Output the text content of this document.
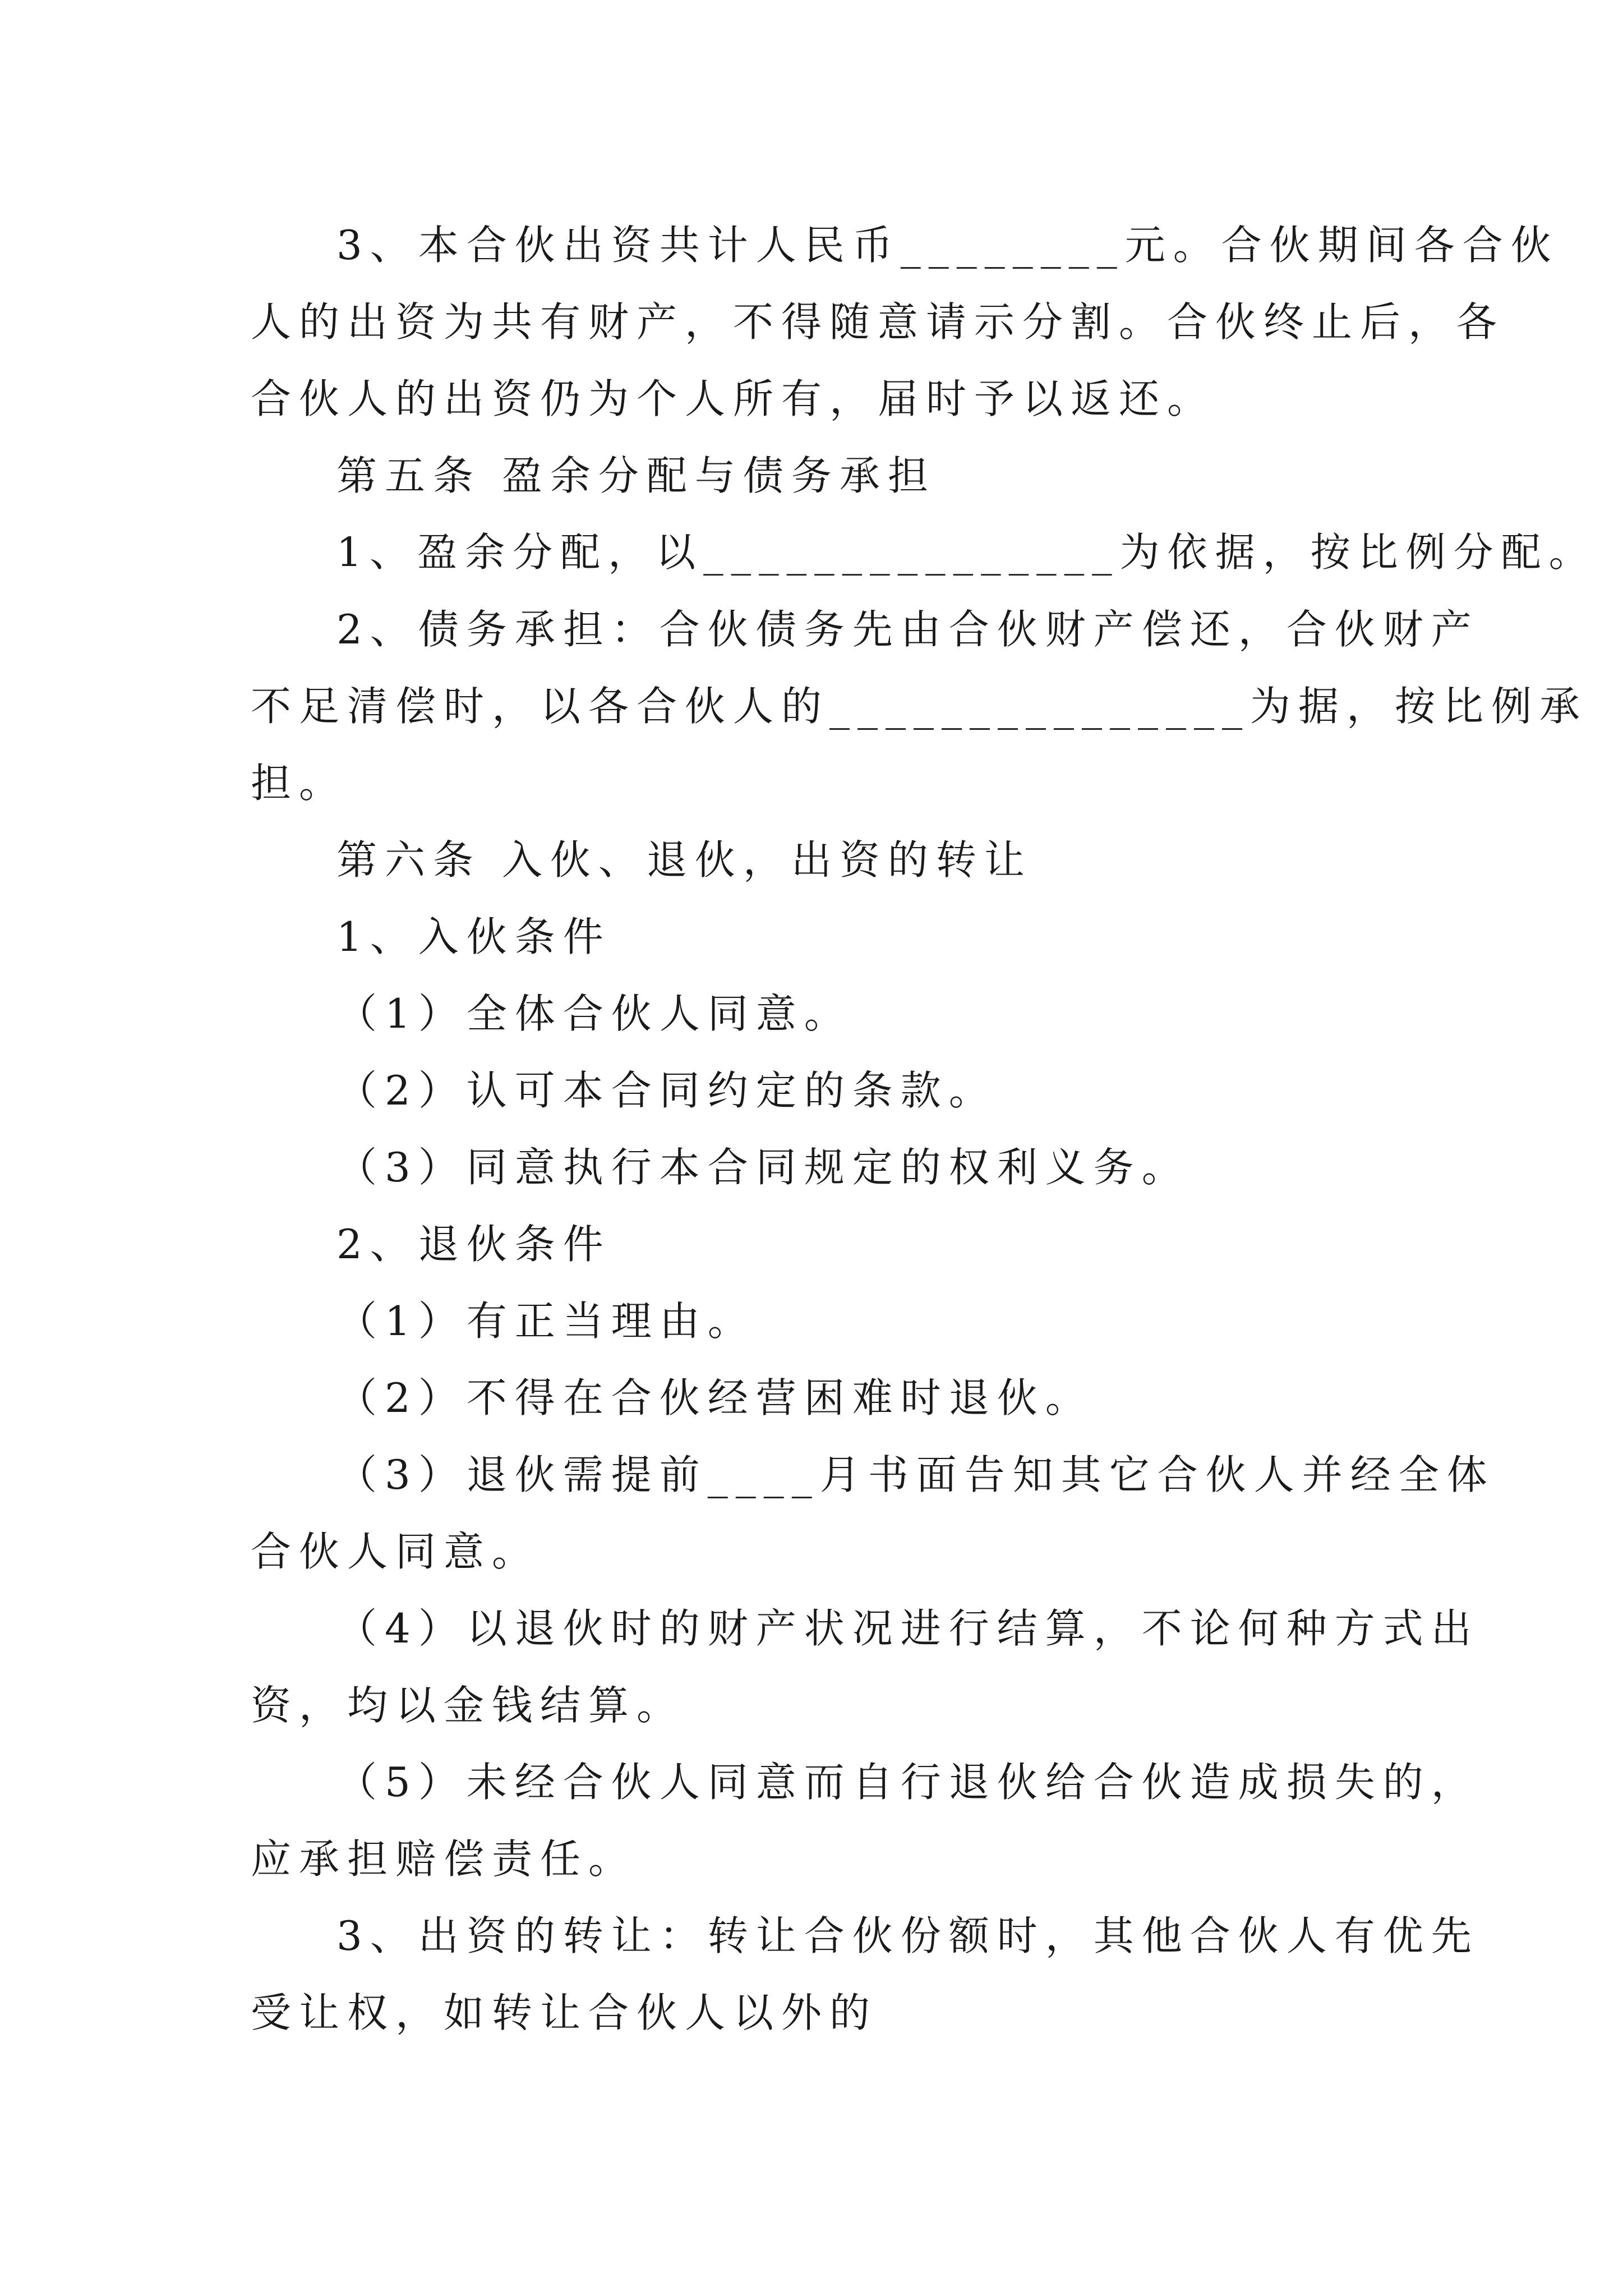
3、本合伙出资共计人民币________元。合伙期间各合伙
人的出资为共有财产，不得随意请示分割。合伙终止后，各
合伙人的出资仍为个人所有，届时予以返还。
第五条 盈余分配与债务承担
1、盈余分配，以_______________为依据，按比例分配。
2、债务承担：合伙债务先由合伙财产偿还，合伙财产
不足清偿时，以各合伙人的_______________为据，按比例承
担。
第六条 入伙、退伙，出资的转让
1、入伙条件
（1）全体合伙人同意。
（2）认可本合同约定的条款。
（3）同意执行本合同规定的权利义务。
2、退伙条件
（1）有正当理由。
（2）不得在合伙经营困难时退伙。
（3）退伙需提前____月书面告知其它合伙人并经全体
合伙人同意。
（4）以退伙时的财产状况进行结算，不论何种方式出
资，均以金钱结算。
（5）未经合伙人同意而自行退伙给合伙造成损失的，
应承担赔偿责任。
3、出资的转让：转让合伙份额时，其他合伙人有优先
受让权，如转让合伙人以外的
